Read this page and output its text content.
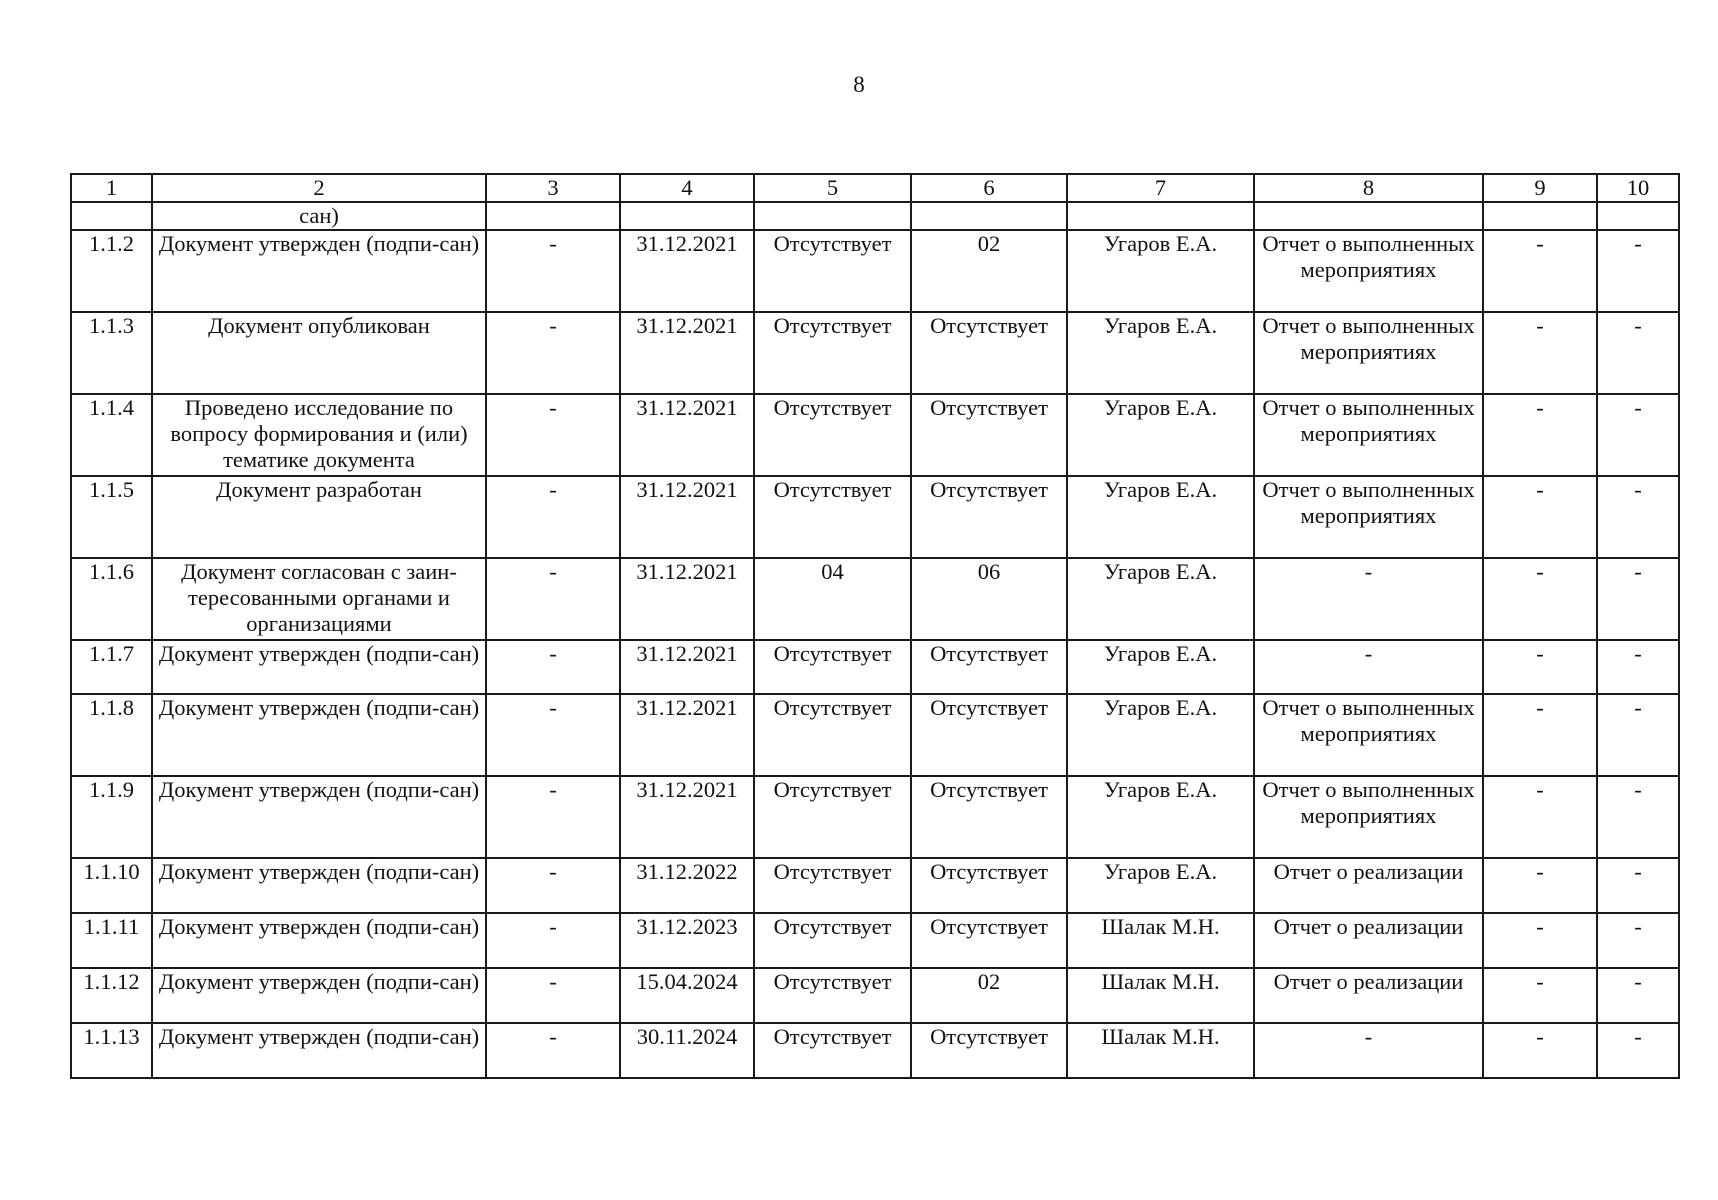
8
1	2	3	4	5	6	7	8	9	10
	сан)								
1.1.2	Документ утвержден (подпи-сан)	-	31.12.2021	Отсутствует	02	Угаров Е.А.	Отчет о выполненных мероприятиях	-	-
1.1.3	Документ опубликован	-	31.12.2021	Отсутствует	Отсутствует	Угаров Е.А.	Отчет о выполненных мероприятиях	-	-
1.1.4	Проведено исследование по вопросу формирования и (или) тематике документа	-	31.12.2021	Отсутствует	Отсутствует	Угаров Е.А.	Отчет о выполненных мероприятиях	-	-
1.1.5	Документ разработан	-	31.12.2021	Отсутствует	Отсутствует	Угаров Е.А.	Отчет о выполненных мероприятиях	-	-
1.1.6	Документ согласован с заин-тересованными органами и организациями	-	31.12.2021	04	06	Угаров Е.А.	-	-	-
1.1.7	Документ утвержден (подпи-сан)	-	31.12.2021	Отсутствует	Отсутствует	Угаров Е.А.	-	-	-
1.1.8	Документ утвержден (подпи-сан)	-	31.12.2021	Отсутствует	Отсутствует	Угаров Е.А.	Отчет о выполненных мероприятиях	-	-
1.1.9	Документ утвержден (подпи-сан)	-	31.12.2021	Отсутствует	Отсутствует	Угаров Е.А.	Отчет о выполненных мероприятиях	-	-
1.1.10	Документ утвержден (подпи-сан)	-	31.12.2022	Отсутствует	Отсутствует	Угаров Е.А.	Отчет о реализации	-	-
1.1.11	Документ утвержден (подпи-сан)	-	31.12.2023	Отсутствует	Отсутствует	Шалак М.Н.	Отчет о реализации	-	-
1.1.12	Документ утвержден (подпи-сан)	-	15.04.2024	Отсутствует	02	Шалак М.Н.	Отчет о реализации	-	-
1.1.13	Документ утвержден (подпи-сан)	-	30.11.2024	Отсутствует	Отсутствует	Шалак М.Н.	-	-	-
